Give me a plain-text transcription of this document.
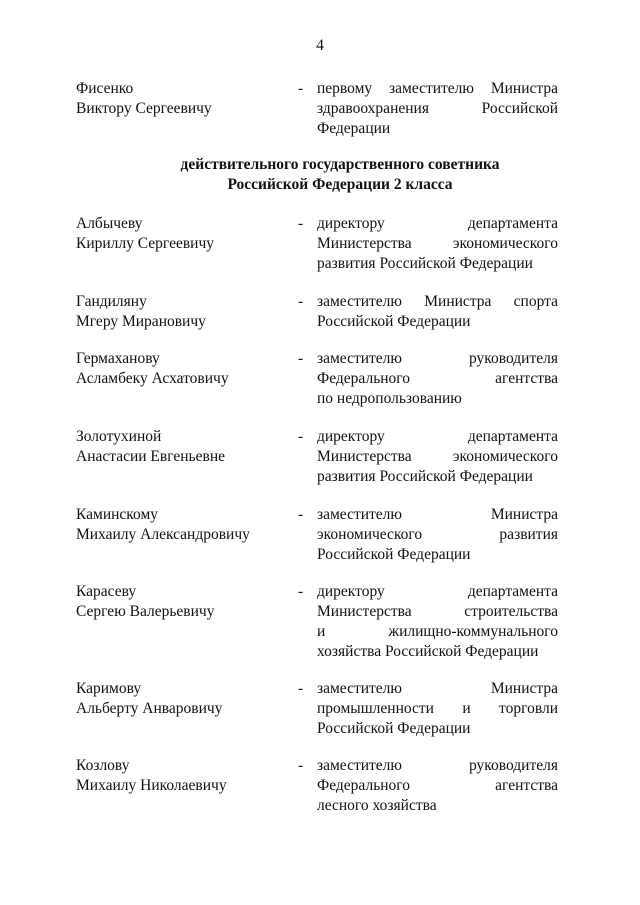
4
Фисенко
Виктору Сергеевичу
- первому заместителю Министра
здравоохранения Российской
Федерации
действительного государственного советника
Российской Федерации 2 класса
Албычеву
Кириллу Сергеевичу
- директору департамента
Министерства экономического
развития Российской Федерации
Гандиляну
Мгеру Мирановичу
- заместителю Министра спорта
Российской Федерации
Гермаханову
Асламбеку Асхатовичу
- заместителю руководителя
Федерального агентства
по недропользованию
Золотухиной
Анастасии Евгеньевне
- директору департамента
Министерства экономического
развития Российской Федерации
Каминскому
Михаилу Александровичу
- заместителю Министра
экономического развития
Российской Федерации
Карасеву
Сергею Валерьевичу
- директору департамента
Министерства строительства
и жилищно-коммунального
хозяйства Российской Федерации
Каримову
Альберту Анваровичу
- заместителю Министра
промышленности и торговли
Российской Федерации
Козлову
Михаилу Николаевичу
- заместителю руководителя
Федерального агентства
лесного хозяйства
